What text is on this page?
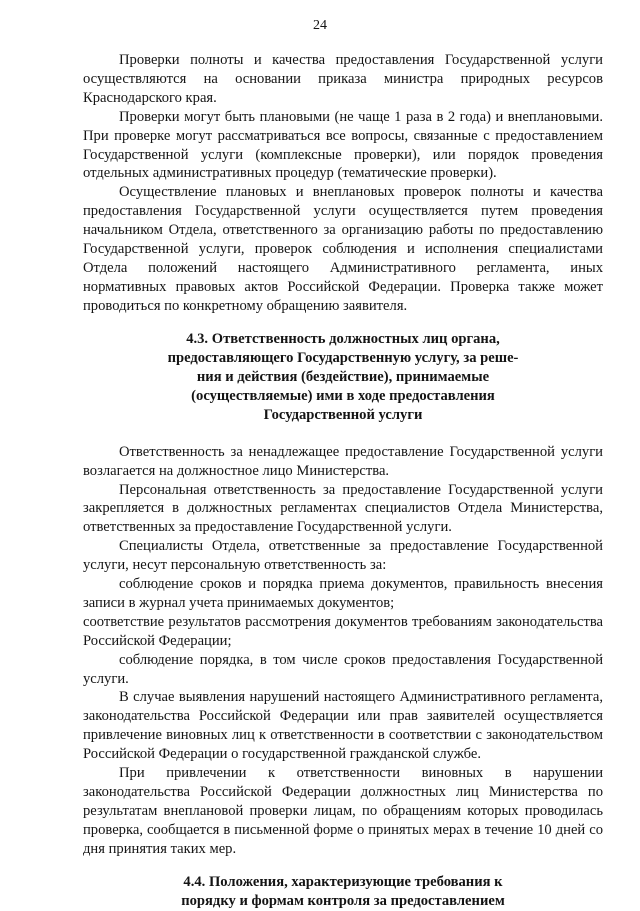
24

Проверки полноты и качества предоставления Государственной услуги осуществляются на основании приказа министра природных ресурсов Краснодарского края.

Проверки могут быть плановыми (не чаще 1 раза в 2 года) и внеплановыми. При проверке могут рассматриваться все вопросы, связанные с предоставлением Государственной услуги (комплексные проверки), или порядок проведения отдельных административных процедур (тематические проверки).

Осуществление плановых и внеплановых проверок полноты и качества предоставления Государственной услуги осуществляется путем проведения начальником Отдела, ответственного за организацию работы по предоставлению Государственной услуги, проверок соблюдения и исполнения специалистами Отдела положений настоящего Административного регламента, иных нормативных правовых актов Российской Федерации. Проверка также может проводиться по конкретному обращению заявителя.

4.3. Ответственность должностных лиц органа,
предоставляющего Государственную услугу, за реше-
ния и действия (бездействие), принимаемые
(осуществляемые) ими в ходе предоставления
Государственной услуги

Ответственность за ненадлежащее предоставление Государственной услуги возлагается на должностное лицо Министерства.

Персональная ответственность за предоставление Государственной услуги закрепляется в должностных регламентах специалистов Отдела Министерства, ответственных за предоставление Государственной услуги.

Специалисты Отдела, ответственные за предоставление Государственной услуги, несут персональную ответственность за:

соблюдение сроков и порядка приема документов, правильность внесения записи в журнал учета принимаемых документов;

соответствие результатов рассмотрения документов требованиям законодательства Российской Федерации;

соблюдение порядка, в том числе сроков предоставления Государственной услуги.

В случае выявления нарушений настоящего Административного регламента, законодательства Российской Федерации или прав заявителей осуществляется привлечение виновных лиц к ответственности в соответствии с законодательством Российской Федерации о государственной гражданской службе.

При привлечении к ответственности виновных в нарушении законодательства Российской Федерации должностных лиц Министерства по результатам внеплановой проверки лицам, по обращениям которых проводилась проверка, сообщается в письменной форме о принятых мерах в течение 10 дней со дня принятия таких мер.

4.4. Положения, характеризующие требования к
порядку и формам контроля за предоставлением
